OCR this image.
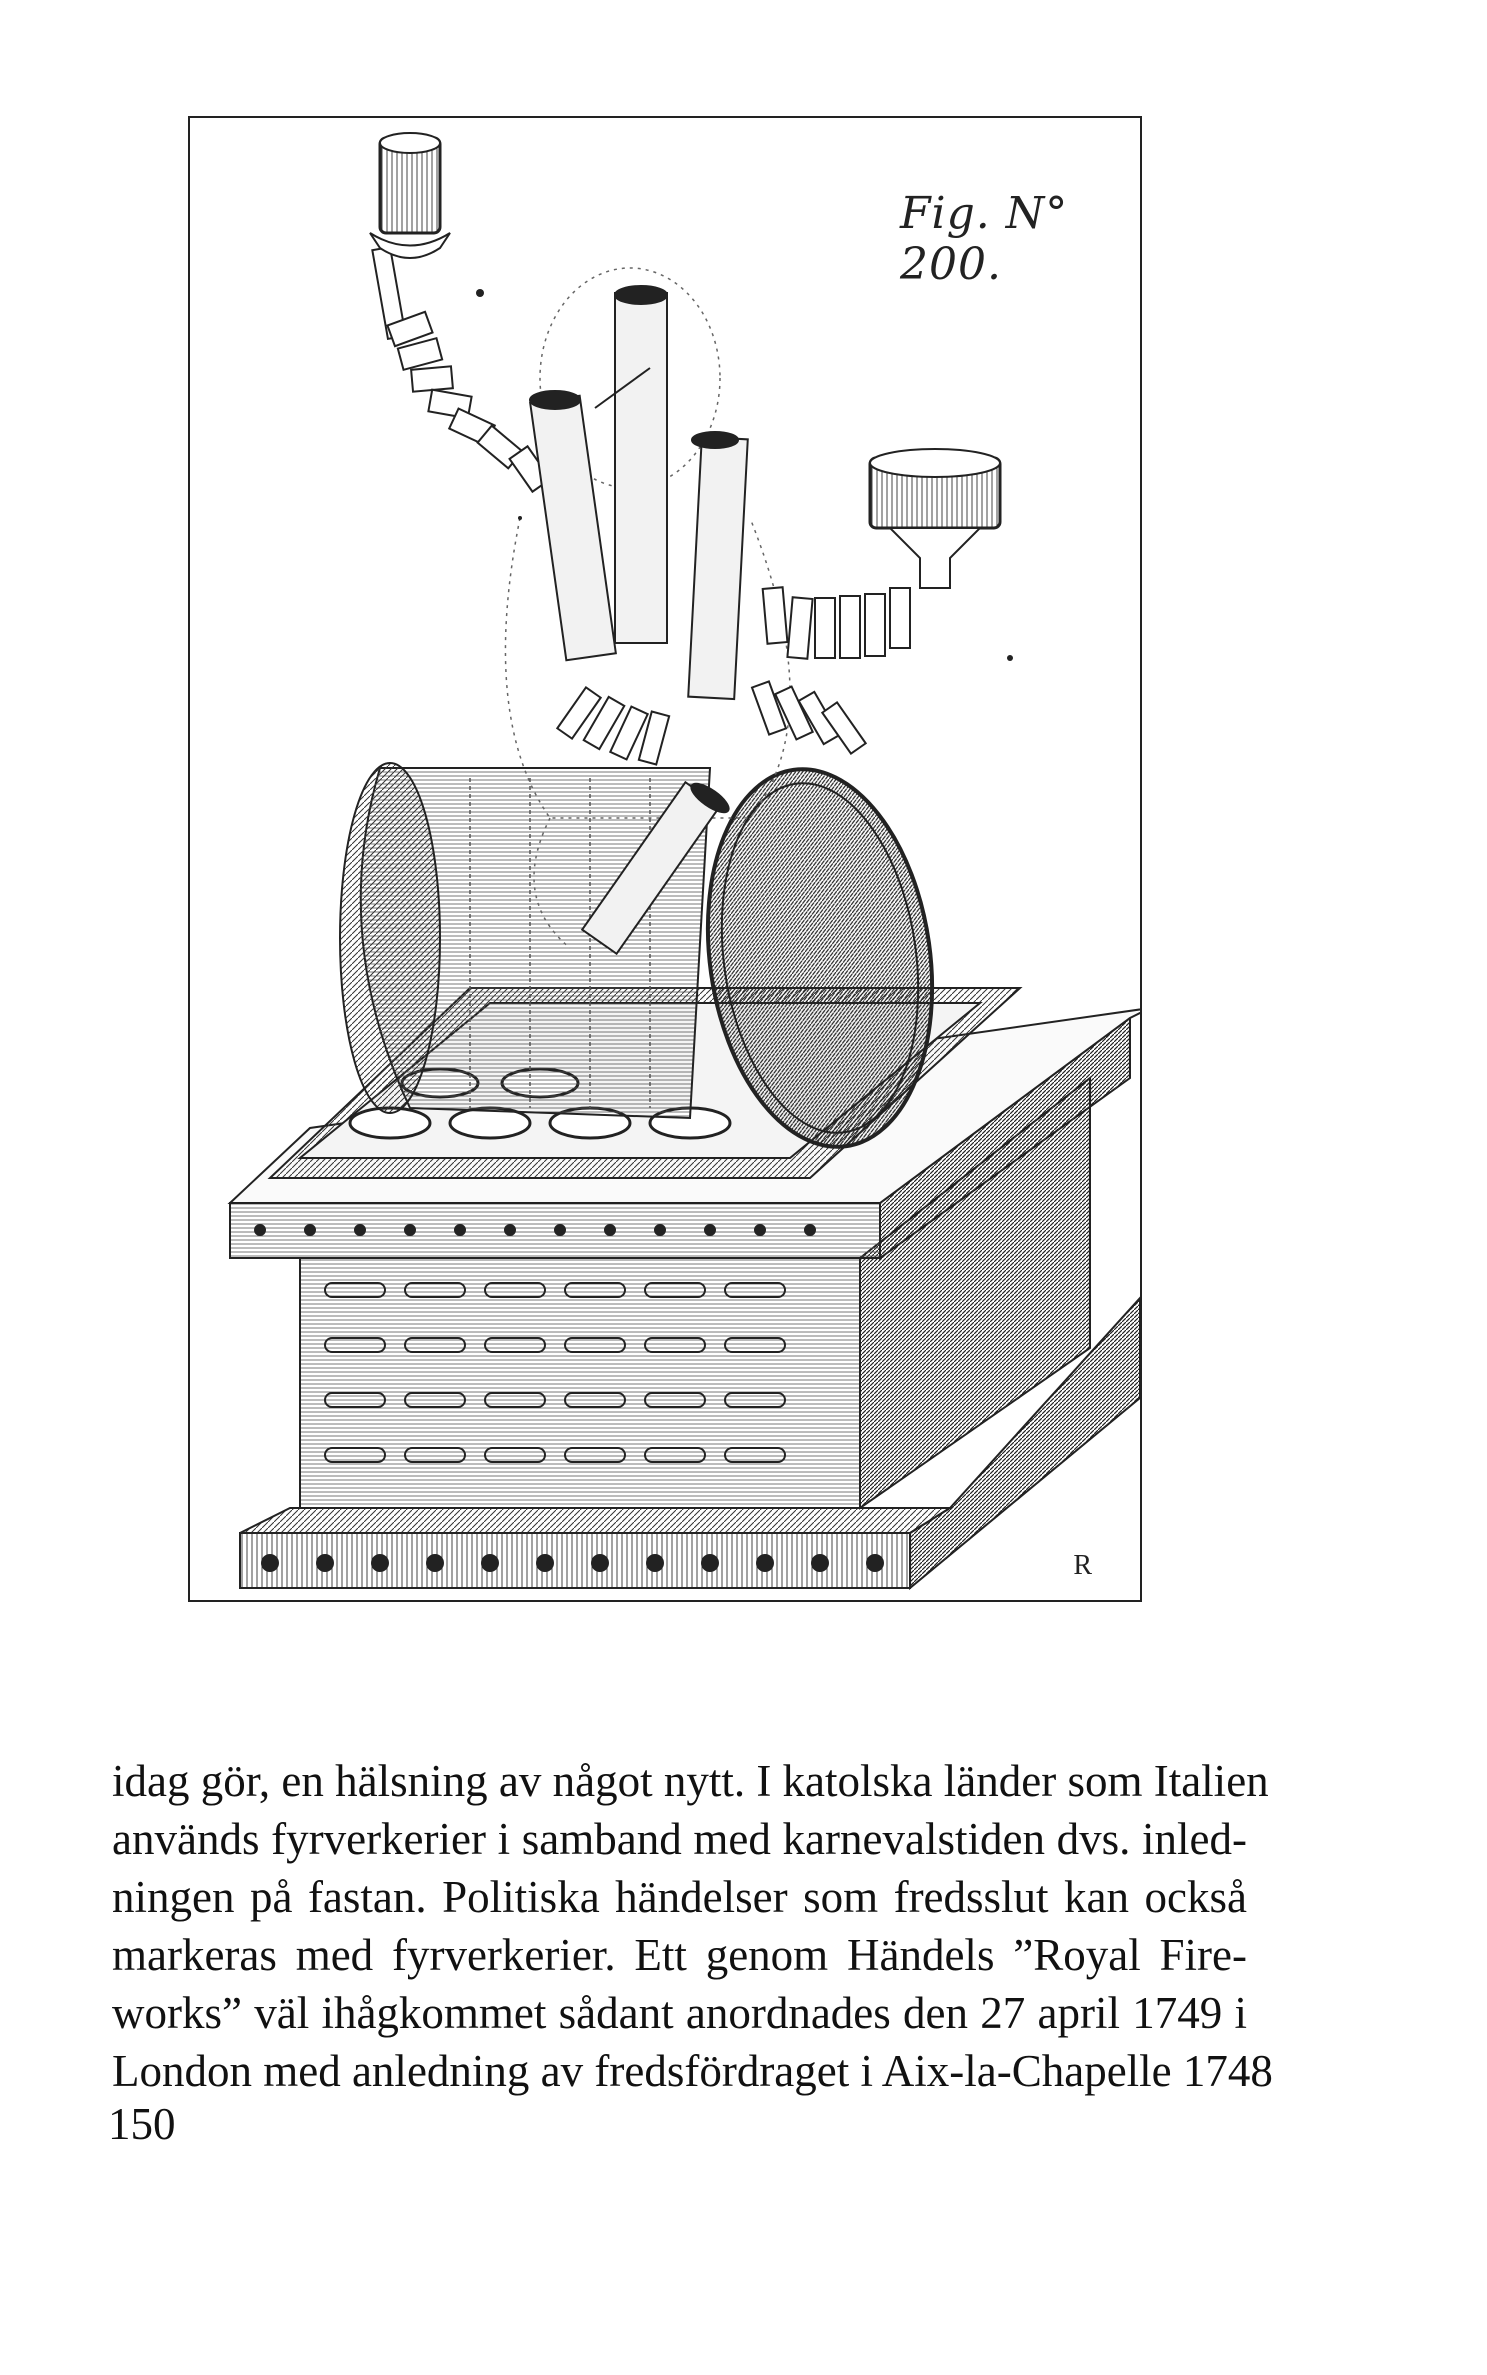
Fig. N° 200.
R
idag gör, en hälsning av något nytt. I katolska länder som Italien
används fyrverkerier i samband med karnevalstiden dvs. inled-
ningen på fastan. Politiska händelser som fredsslut kan också
markeras med fyrverkerier. Ett genom Händels ”Royal Fire-
works” väl ihågkommet sådant anordnades den 27 april 1749 i
London med anledning av fredsfördraget i Aix-la-Chapelle 1748
150
